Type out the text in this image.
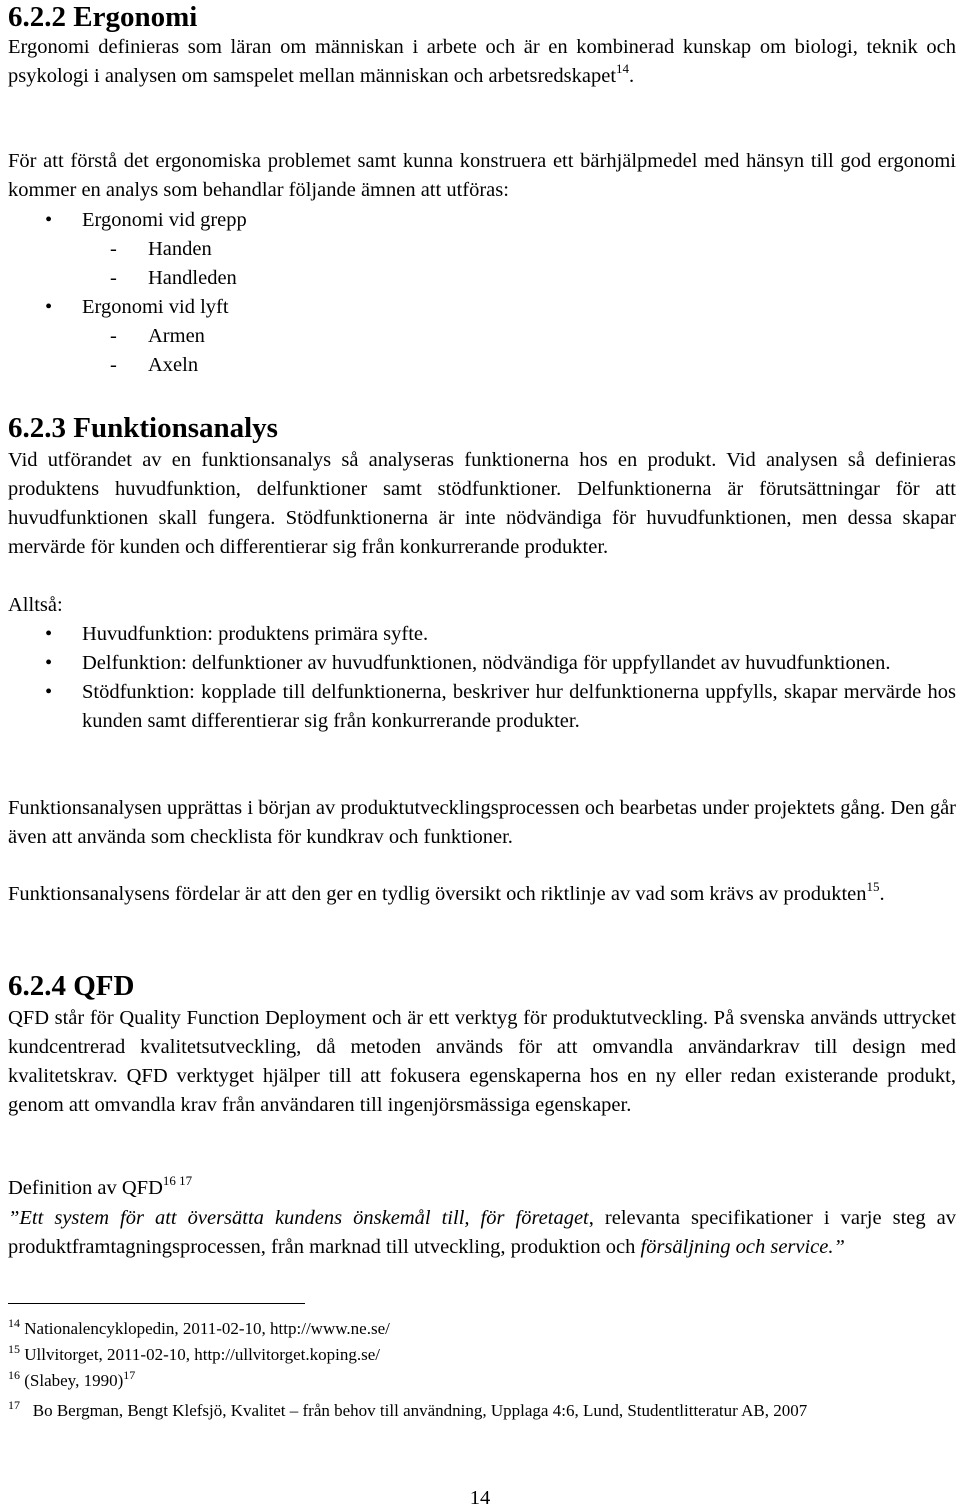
6.2.2 Ergonomi

Ergonomi definieras som läran om människan i arbete och är en kombinerad kunskap om biologi, teknik och psykologi i analysen om samspelet mellan människan och arbetsredskapet$^{14}$.

För att förstå det ergonomiska problemet samt kunna konstruera ett bärhjälpmedel med hänsyn till god ergonomi kommer en analys som behandlar följande ämnen att utföras:

• Ergonomi vid grepp
- Handen
- Handleden
• Ergonomi vid lyft
- Armen
- Axeln
6.2.3 Funktionsanalys

Vid utförandet av en funktionsanalys så analyseras funktionerna hos en produkt. Vid analysen så definieras produktens huvudfunktion, delfunktioner samt stödfunktioner. Delfunktionerna är förutsättningar för att huvudfunktionen skall fungera. Stödfunktionerna är inte nödvändiga för huvudfunktionen, men dessa skapar mervärde för kunden och differentierar sig från konkurrerande produkter.

Alltså:

• Huvudfunktion: produktens primära syfte.
• Delfunktion: delfunktioner av huvudfunktionen, nödvändiga för uppfyllandet av huvudfunktionen.
• Stödfunktion: kopplade till delfunktionerna, beskriver hur delfunktionerna uppfylls, skapar mervärde hos kunden samt differentierar sig från konkurrerande produkter.

Funktionsanalysen upprättas i början av produktutvecklingsprocessen och bearbetas under projektets gång. Den går även att använda som checklista för kundkrav och funktioner.

Funktionsanalysens fördelar är att den ger en tydlig översikt och riktlinje av vad som krävs av produkten$^{15}$.

6.2.4 QFD

QFD står för Quality Function Deployment och är ett verktyg för produktutveckling. På svenska används uttrycket kundcentrerad kvalitetsutveckling, då metoden används för att omvandla användarkrav till design med kvalitetskrav. QFD verktyget hjälper till att fokusera egenskaperna hos en ny eller redan existerande produkt, genom att omvandla krav från användaren till ingenjörsmässiga egenskaper.

Definition av $QFD^{16 17}$

”Ett system för att översätta kundens önskemål till, för företaget, relevanta specifikationer i varje steg av produktframtagningsprocessen, från marknad till utveckling, produktion och försäljning och service.”

$^{14}$ Nationalencyklopedin, 2011-02-10, http://www.ne.se/

$^{15}$ Ullvitorget, 2011-02-10, http://ullvitorget.koping.se/

$^{16}$ (Slabey, 1990)$^{17}$

$^{17}$ Bo Bergman, Bengt Klefsjö, Kvalitet – från behov till användning, Upplaga 4:6, Lund, Studentlitteratur AB, 2007

14
